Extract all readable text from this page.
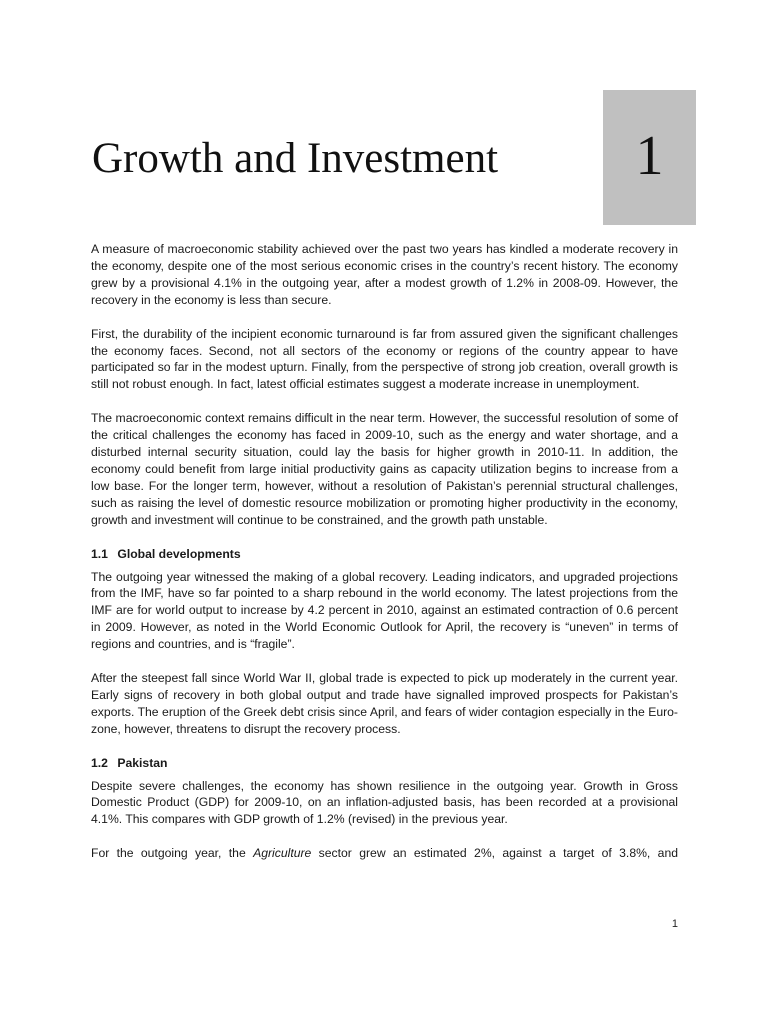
1
Growth and Investment

A measure of macroeconomic stability achieved over the past two years has kindled a moderate recovery in the economy, despite one of the most serious economic crises in the country’s recent history. The economy grew by a provisional 4.1% in the outgoing year, after a modest growth of 1.2% in 2008-09. However, the recovery in the economy is less than secure.

First, the durability of the incipient economic turnaround is far from assured given the significant challenges the economy faces. Second, not all sectors of the economy or regions of the country appear to have participated so far in the modest upturn. Finally, from the perspective of strong job creation, overall growth is still not robust enough. In fact, latest official estimates suggest a moderate increase in unemployment.

The macroeconomic context remains difficult in the near term. However, the successful resolution of some of the critical challenges the economy has faced in 2009-10, such as the energy and water shortage, and a disturbed internal security situation, could lay the basis for higher growth in 2010-11. In addition, the economy could benefit from large initial productivity gains as capacity utilization begins to increase from a low base. For the longer term, however, without a resolution of Pakistan’s perennial structural challenges, such as raising the level of domestic resource mobilization or promoting higher productivity in the economy, growth and investment will continue to be constrained, and the growth path unstable.

1.1 Global developments

The outgoing year witnessed the making of a global recovery. Leading indicators, and upgraded projections from the IMF, have so far pointed to a sharp rebound in the world economy. The latest projections from the IMF are for world output to increase by 4.2 percent in 2010, against an estimated contraction of 0.6 percent in 2009. However, as noted in the World Economic Outlook for April, the recovery is “uneven” in terms of regions and countries, and is “fragile”.

After the steepest fall since World War II, global trade is expected to pick up moderately in the current year. Early signs of recovery in both global output and trade have signalled improved prospects for Pakistan’s exports. The eruption of the Greek debt crisis since April, and fears of wider contagion especially in the Euro-zone, however, threatens to disrupt the recovery process.

1.2 Pakistan

Despite severe challenges, the economy has shown resilience in the outgoing year. Growth in Gross Domestic Product (GDP) for 2009-10, on an inflation-adjusted basis, has been recorded at a provisional 4.1%. This compares with GDP growth of 1.2% (revised) in the previous year.

For the outgoing year, the Agriculture sector grew an estimated 2%, against a target of 3.8%, and

1
